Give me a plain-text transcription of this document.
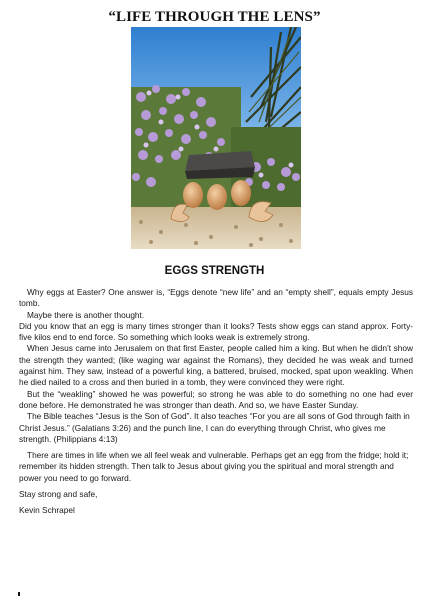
“LIFE THROUGH THE LENS”
EGGS STRENGTH

Why eggs at Easter? One answer is, “Eggs denote “new life” and an “empty shell”, equals empty Jesus tomb.

Maybe there is another thought.

Did you know that an egg is many times stronger than it looks? Tests show eggs can stand approx. Forty-five kilos end to end force. So something which looks weak is extremely strong.

When Jesus came into Jerusalem on that first Easter, people called him a king. But when he didn’t show the strength they wanted; (like waging war against the Romans), they decided he was weak and turned against him. They saw, instead of a powerful king, a battered, bruised, mocked, spat upon weakling. When he died nailed to a cross and then buried in a tomb, they were convinced they were right.

But the “weakling” showed he was powerful; so strong he was able to do something no one had ever done before. He demonstrated he was stronger than death. And so, we have Easter Sunday.

The Bible teaches “Jesus is the Son of God”. It also teaches “For you are all sons of God through faith in Christ Jesus.” (Galatians 3:26) and the punch line, I can do everything through Christ, who gives me strength. (Philippians 4:13)

There are times in life when we all feel weak and vulnerable. Perhaps get an egg from the fridge; hold it; remember its hidden strength. Then talk to Jesus about giving you the spiritual and moral strength and power you need to go forward.

Stay strong and safe,

Kevin Schrapel
